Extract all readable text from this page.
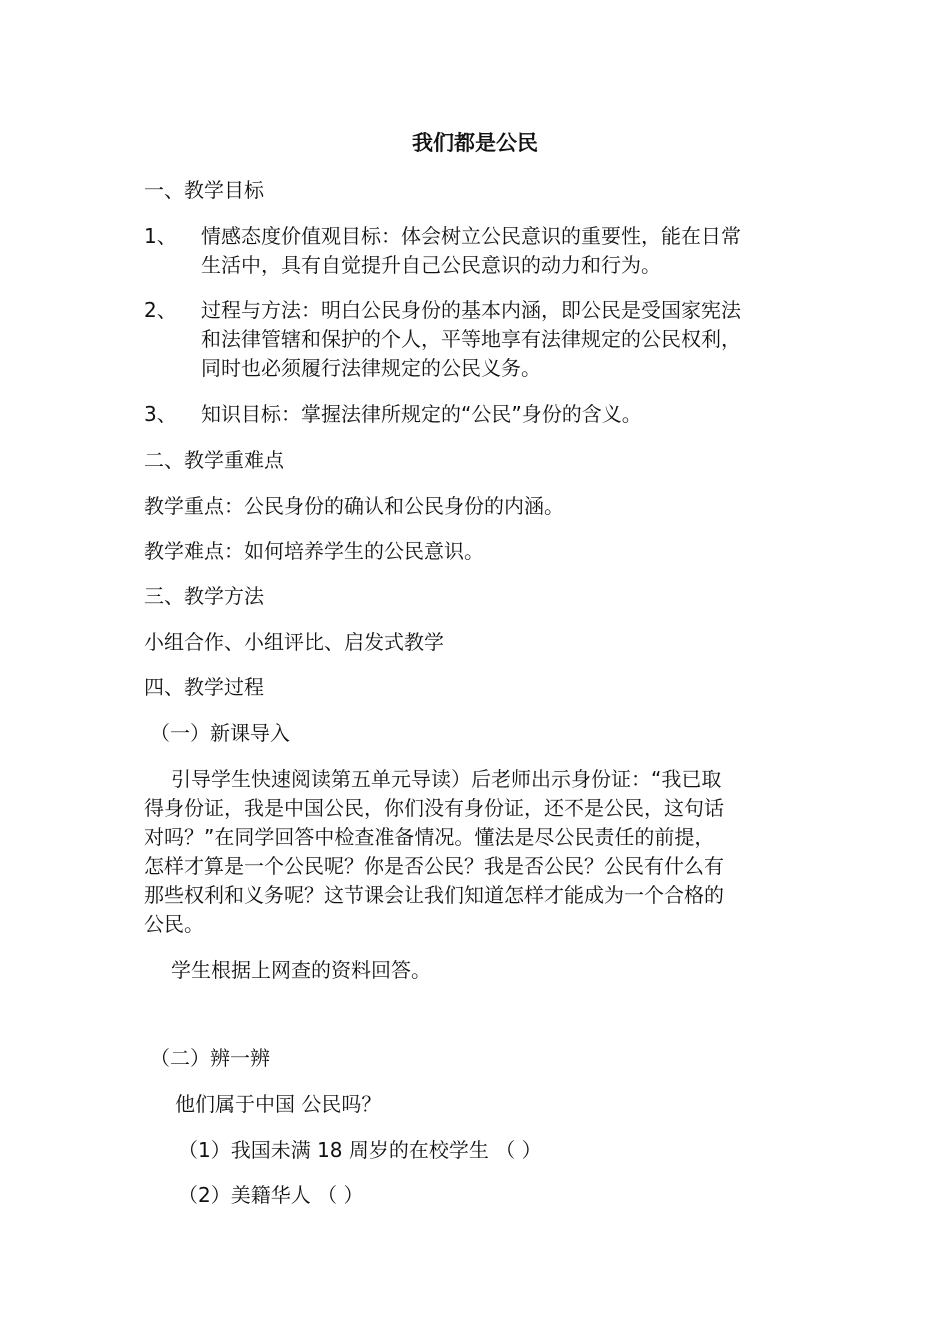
我们都是公民
一、教学目标
1、 情感态度价值观目标：体会树立公民意识的重要性，能在日常
生活中，具有自觉提升自己公民意识的动力和行为。
2、 过程与方法：明白公民身份的基本内涵，即公民是受国家宪法
和法律管辖和保护的个人，平等地享有法律规定的公民权利，
同时也必须履行法律规定的公民义务。
3、 知识目标：掌握法律所规定的“公民”身份的含义。
二、教学重难点
教学重点：公民身份的确认和公民身份的内涵。
教学难点：如何培养学生的公民意识。
三、教学方法
小组合作、小组评比、启发式教学
四、教学过程
（一）新课导入
引导学生快速阅读第五单元导读）后老师出示身份证：“我已取
得身份证，我是中国公民，你们没有身份证，还不是公民，这句话
对吗？”在同学回答中检查准备情况。懂法是尽公民责任的前提，
怎样才算是一个公民呢？你是否公民？我是否公民？公民有什么有
那些权利和义务呢？这节课会让我们知道怎样才能成为一个合格的
公民。
学生根据上网查的资料回答。
（二）辨一辨
他们属于中国 公民吗？
（1）我国未满 18 周岁的在校学生 （ ）
（2）美籍华人 （ ）
